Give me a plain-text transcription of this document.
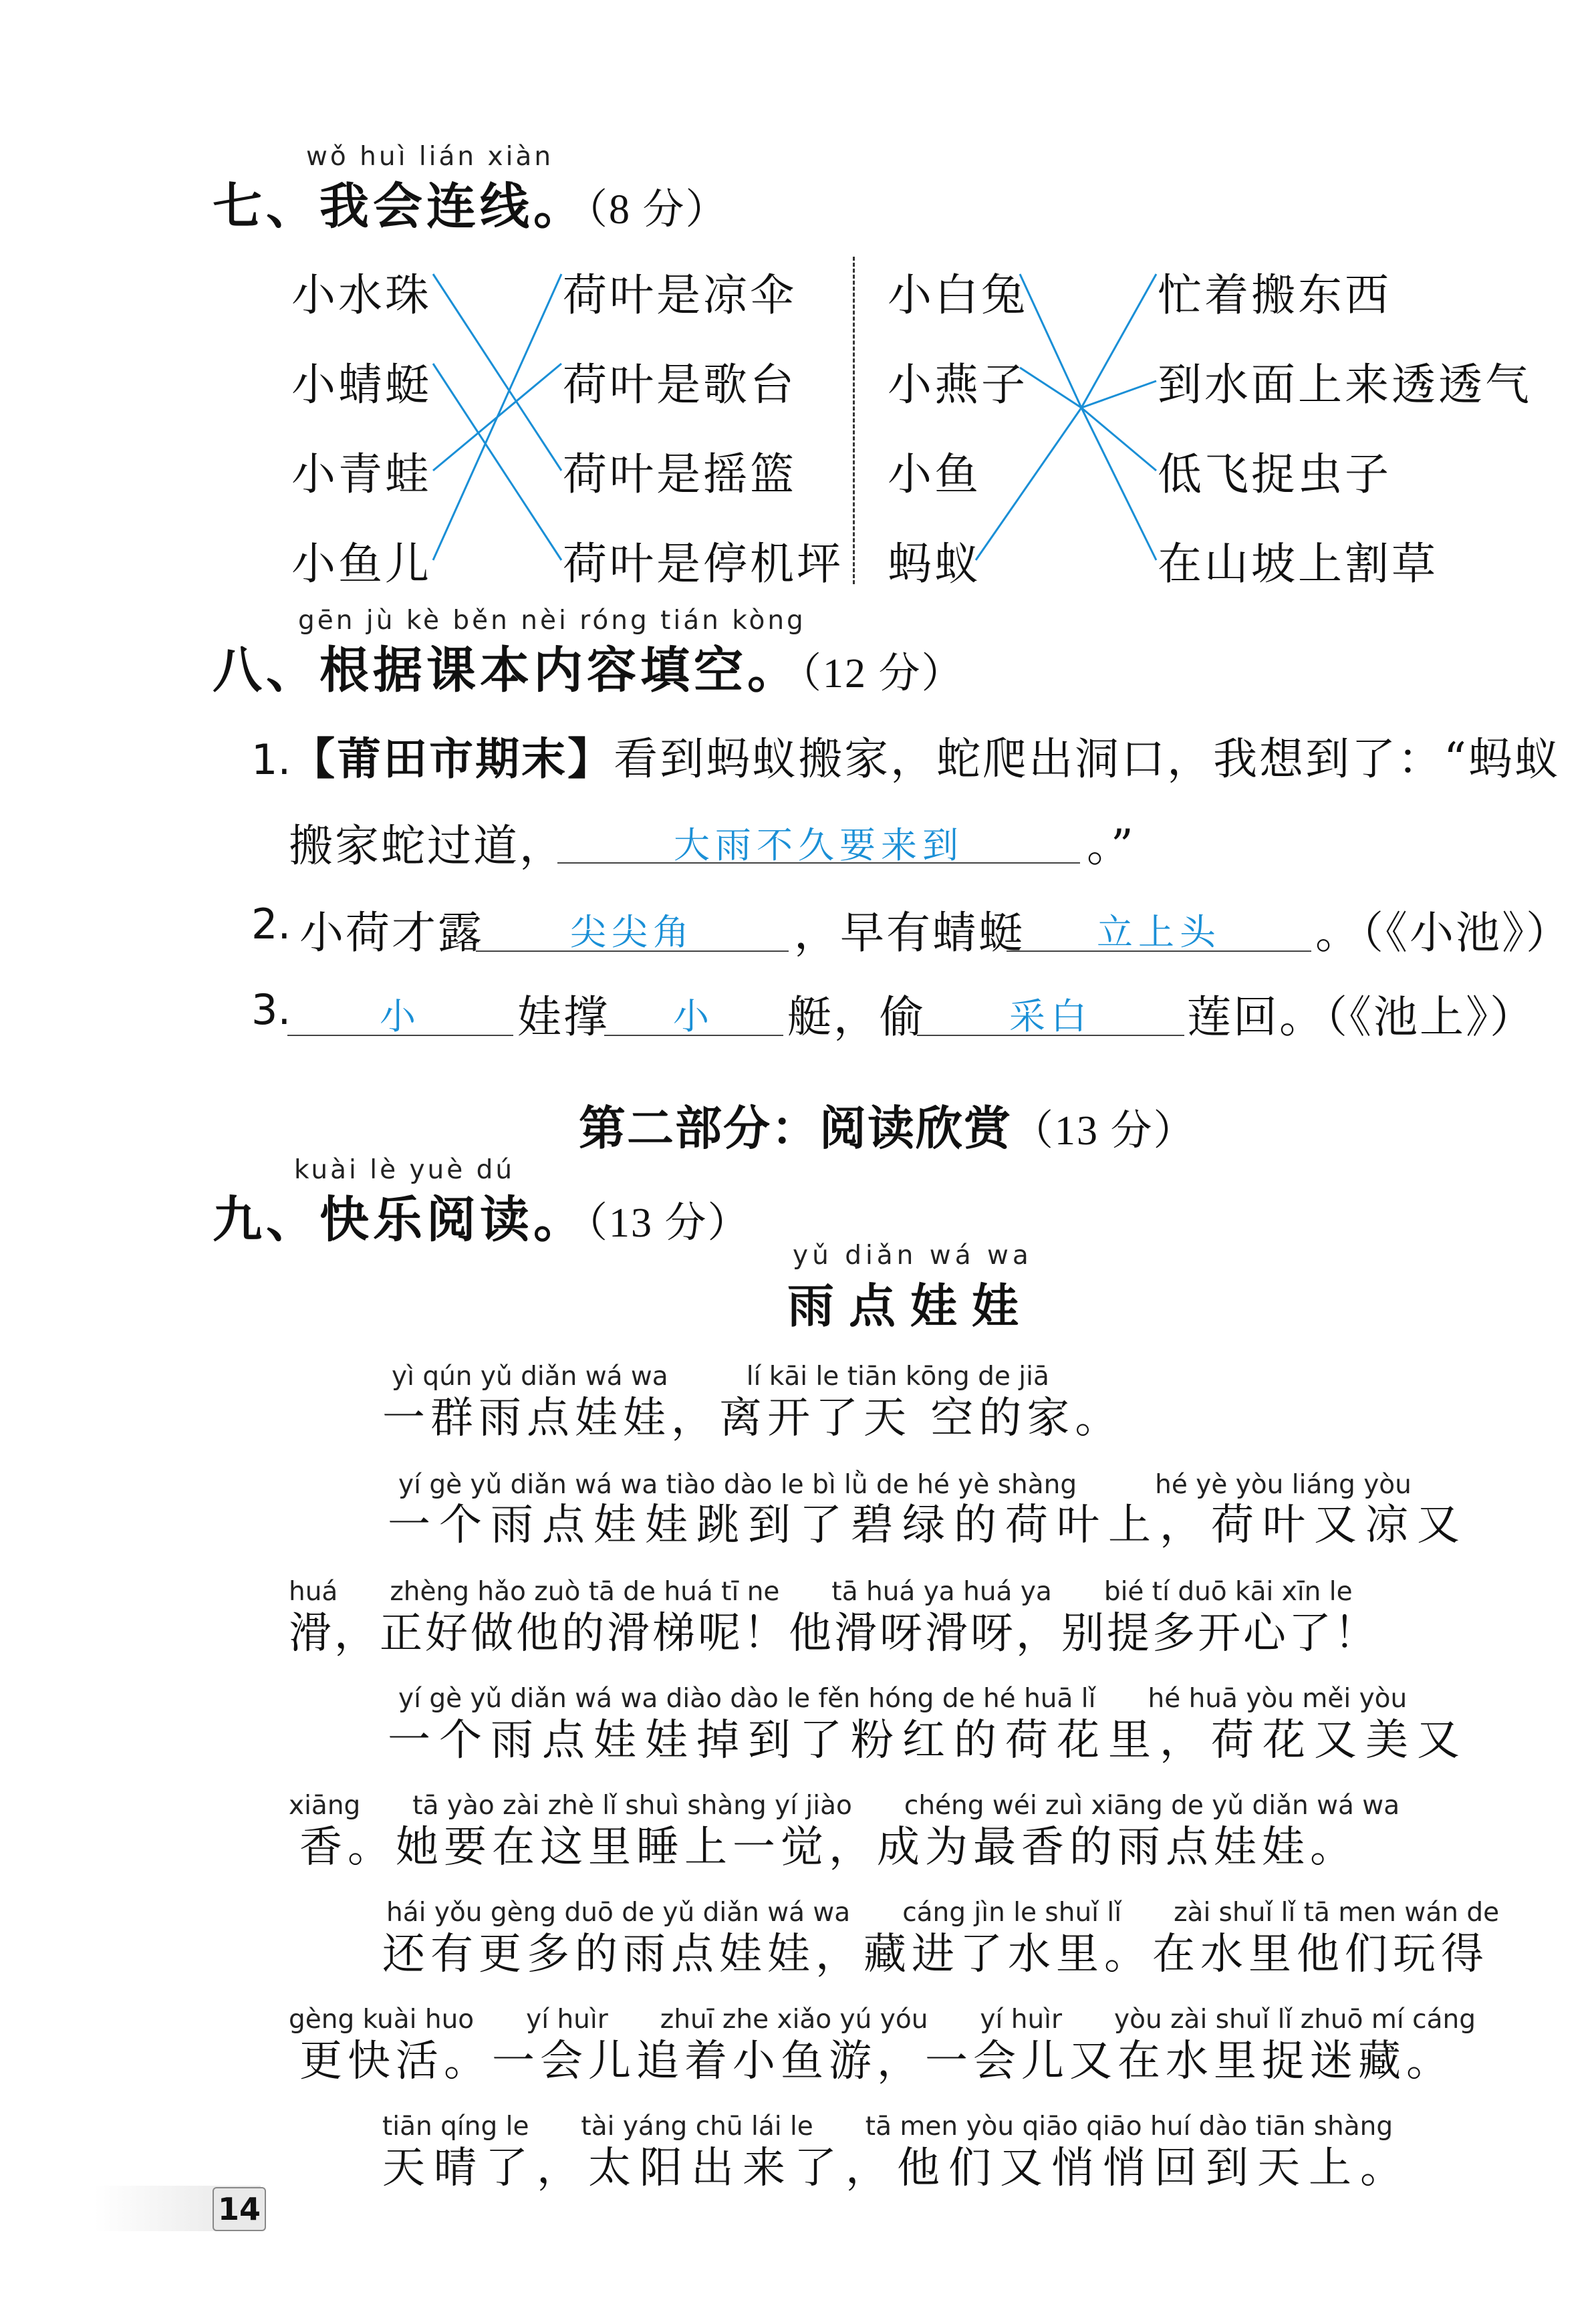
wǒ huì lián xiàn
七、我会连线。（8 分）
小水珠
小蜻蜓
小青蛙
小鱼儿
荷叶是凉伞
荷叶是歌台
荷叶是摇篮
荷叶是停机坪
小白兔
小燕子
小鱼
蚂蚁
忙着搬东西
到水面上来透透气
低飞捉虫子
在山坡上割草
gēn jù kè běn nèi róng tián kòng
八、根据课本内容填空。（12 分）
1.【莆田市期末】看到蚂蚁搬家，蛇爬出洞口，我想到了：“蚂蚁
搬家蛇过道，	大雨不久要来到	。”
2. 小荷才露	尖尖角	，早有蜻蜓	立上头	。（《小池》）
3.	小	娃撑	小	艇，偷	采白	莲回。（《池上》）
第二部分：阅读欣赏（13 分）
kuài lè yuè dú
九、快乐阅读。（13 分）
yǔ diǎn wá wa
雨点娃娃
yì qún yǔ diǎn wá wa　　　lí kāi le tiān kōng de jiā
一群雨点娃娃，离开了天 空的家。
yí gè yǔ diǎn wá wa tiào dào le bì lǜ de hé yè shàng　　　hé yè yòu liáng yòu
一个雨点娃娃跳到了碧绿的荷叶上，荷叶又凉又
huá　　zhèng hǎo zuò tā de huá tī ne　　tā huá ya huá ya　　bié tí duō kāi xīn le
滑，正好做他的滑梯呢！他滑呀滑呀，别提多开心了！
yí gè yǔ diǎn wá wa diào dào le fěn hóng de hé huā lǐ　　hé huā yòu měi yòu
一个雨点娃娃掉到了粉红的荷花里，荷花又美又
xiāng　　tā yào zài zhè lǐ shuì shàng yí jiào　　chéng wéi zuì xiāng de yǔ diǎn wá wa
香。她要在这里睡上一觉，成为最香的雨点娃娃。
hái yǒu gèng duō de yǔ diǎn wá wa　　cáng jìn le shuǐ lǐ　　zài shuǐ lǐ tā men wán de
还有更多的雨点娃娃，藏进了水里。在水里他们玩得
gèng kuài huo　　yí huìr　　zhuī zhe xiǎo yú yóu　　yí huìr　　yòu zài shuǐ lǐ zhuō mí cáng
更快活。一会儿追着小鱼游，一会儿又在水里捉迷藏。
tiān qíng le　　tài yáng chū lái le　　tā men yòu qiāo qiāo huí dào tiān shàng
天晴了，太阳出来了，他们又悄悄回到天上。
14
